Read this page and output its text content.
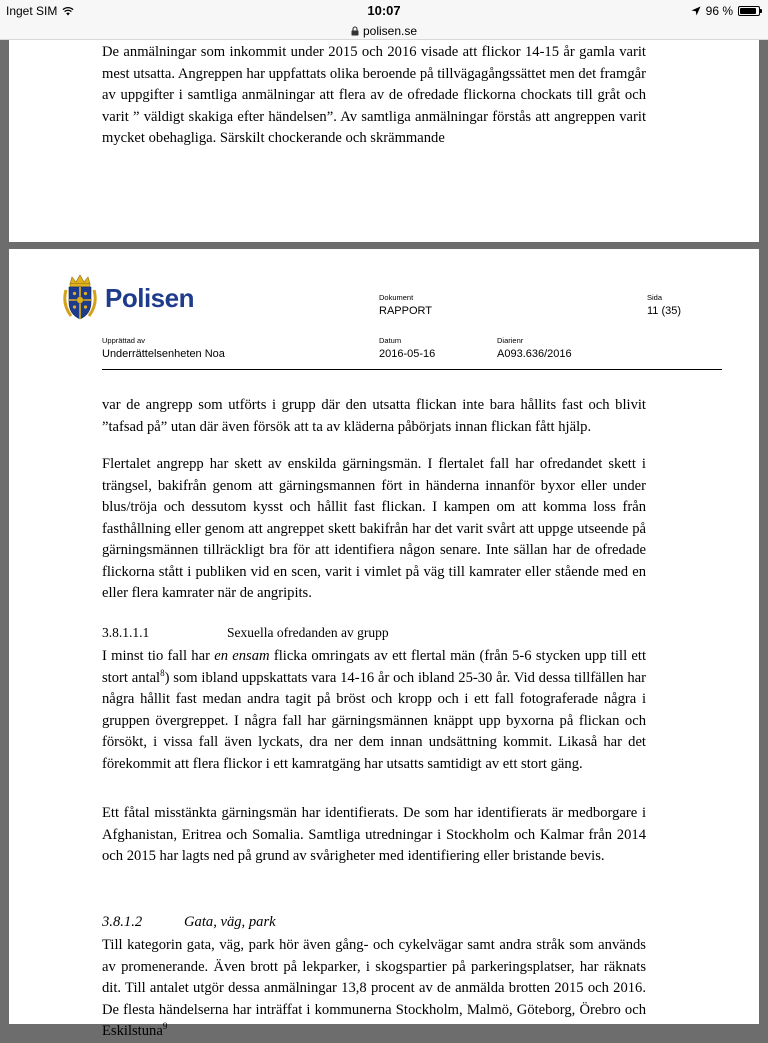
Inget SIM	10:07	96 %
polisen.se

De anmälningar som inkommit under 2015 och 2016 visade att flickor 14-15 år gamla varit mest utsatta. Angreppen har uppfattats olika beroende på tillvägagångssättet men det framgår av uppgifter i samtliga anmälningar att flera av de ofredade flickorna chockats till gråt och varit ” väldigt skakiga efter händelsen”. Av samtliga anmälningar förstås att angreppen varit mycket obehagliga. Särskilt chockerande och skrämmande

Polisen	Dokument
RAPPORT
Sida
11 (35)
Upprättad av
Underrättelsenheten Noa
Datum
2016-05-16
Diarienr
A093.636/2016

var de angrepp som utförts i grupp där den utsatta flickan inte bara hållits fast och blivit ”tafsad på” utan där även försök att ta av kläderna påbörjats innan flickan fått hjälp.

Flertalet angrepp har skett av enskilda gärningsmän. I flertalet fall har ofredandet skett i trängsel, bakifrån genom att gärningsmannen fört in händerna innanför byxor eller under blus/tröja och dessutom kysst och hållit fast flickan. I kampen om att komma loss från fasthållning eller genom att angreppet skett bakifrån har det varit svårt att uppge utseende på gärningsmännen tillräckligt bra för att identifiera någon senare. Inte sällan har de ofredade flickorna stått i publiken vid en scen, varit i vimlet på väg till kamrater eller stående med en eller flera kamrater när de angripits.

3.8.1.1.1	Sexuella ofredanden av grupp

I minst tio fall har en ensam flicka omringats av ett flertal män (från 5-6 stycken upp till ett stort antal$^8$) som ibland uppskattats vara 14-16 år och ibland 25-30 år. Vid dessa tillfällen har några hållit fast medan andra tagit på bröst och kropp och i ett fall fotograferade några i gruppen övergreppet. I några fall har gärningsmännen knäppt upp byxorna på flickan och försökt, i vissa fall även lyckats, dra ner dem innan undsättning kommit. Likaså har det förekommit att flera flickor i ett kamratgäng har utsatts samtidigt av ett stort gäng.

Ett fåtal misstänkta gärningsmän har identifierats. De som har identifierats är medborgare i Afghanistan, Eritrea och Somalia. Samtliga utredningar i Stockholm och Kalmar från 2014 och 2015 har lagts ned på grund av svårigheter med identifiering eller bristande bevis.

3.8.1.2	Gata, väg, park

Till kategorin gata, väg, park hör även gång- och cykelvägar samt andra stråk som används av promenerande. Även brott på lekparker, i skogspartier på parkeringsplatser, har räknats dit. Till antalet utgör dessa anmälningar 13,8 procent av de anmälda brotten 2015 och 2016. De flesta händelserna har inträffat i kommunerna Stockholm, Malmö, Göteborg, Örebro och Eskilstuna$^9$
